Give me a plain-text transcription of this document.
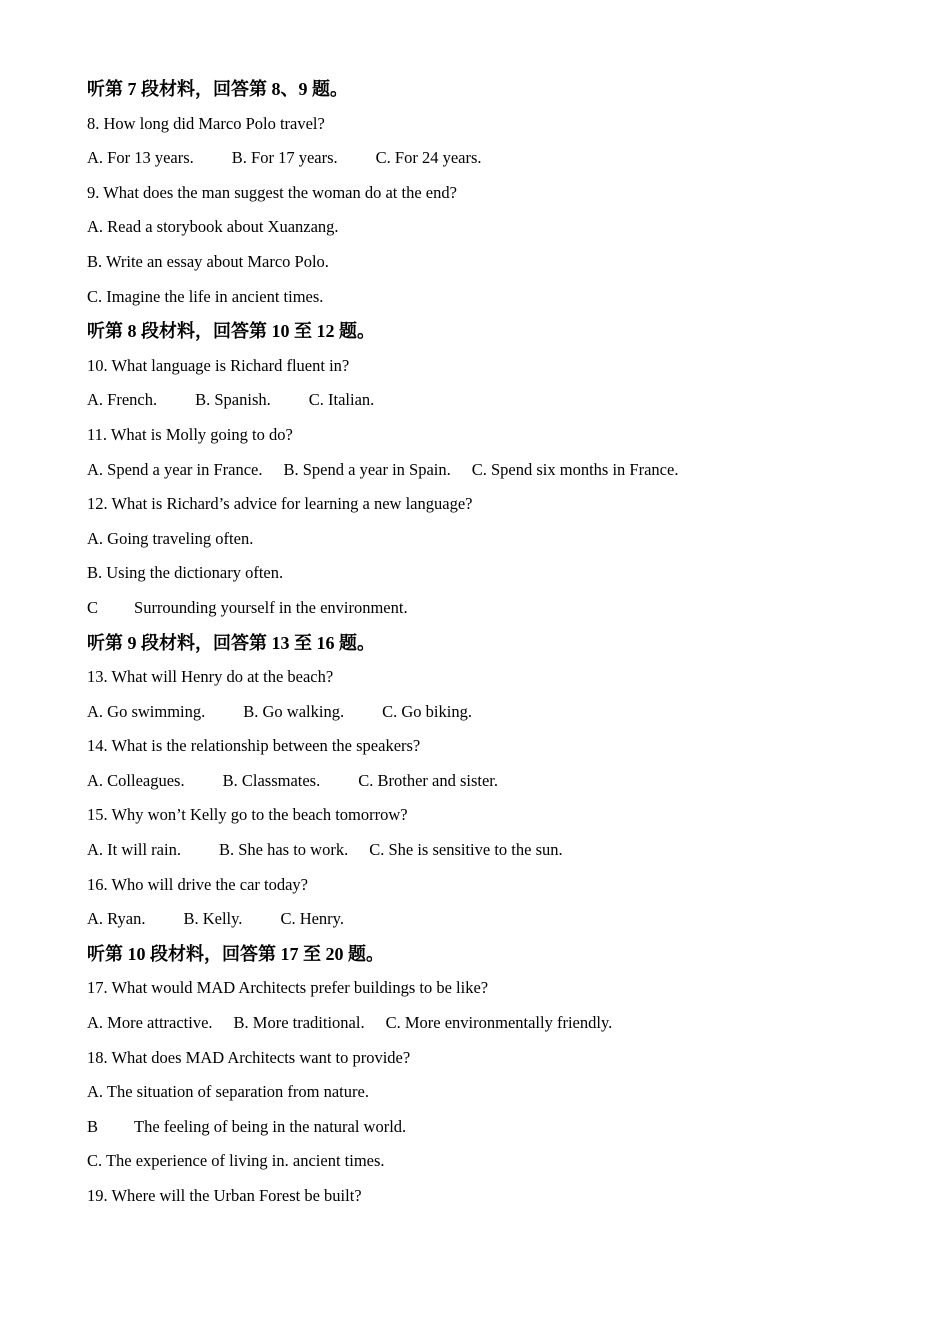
听第 7 段材料，回答第 8、9 题。
8. How long did Marco Polo travel?
A. For 13 years. B. For 17 years. C. For 24 years.
9. What does the man suggest the woman do at the end?
A. Read a storybook about Xuanzang.
B. Write an essay about Marco Polo.
C. Imagine the life in ancient times.
听第 8 段材料，回答第 10 至 12 题。
10. What language is Richard fluent in?
A. French. B. Spanish. C. Italian.
11. What is Molly going to do?
A. Spend a year in France. B. Spend a year in Spain. C. Spend six months in France.
12. What is Richard’s advice for learning a new language?
A. Going traveling often.
B. Using the dictionary often.
C Surrounding yourself in the environment.
听第 9 段材料，回答第 13 至 16 题。
13. What will Henry do at the beach?
A. Go swimming. B. Go walking. C. Go biking.
14. What is the relationship between the speakers?
A. Colleagues. B. Classmates. C. Brother and sister.
15. Why won’t Kelly go to the beach tomorrow?
A. It will rain. B. She has to work. C. She is sensitive to the sun.
16. Who will drive the car today?
A. Ryan. B. Kelly. C. Henry.
听第 10 段材料，回答第 17 至 20 题。
17. What would MAD Architects prefer buildings to be like?
A. More attractive. B. More traditional. C. More environmentally friendly.
18. What does MAD Architects want to provide?
A. The situation of separation from nature.
B The feeling of being in the natural world.
C. The experience of living in. ancient times.
19. Where will the Urban Forest be built?
